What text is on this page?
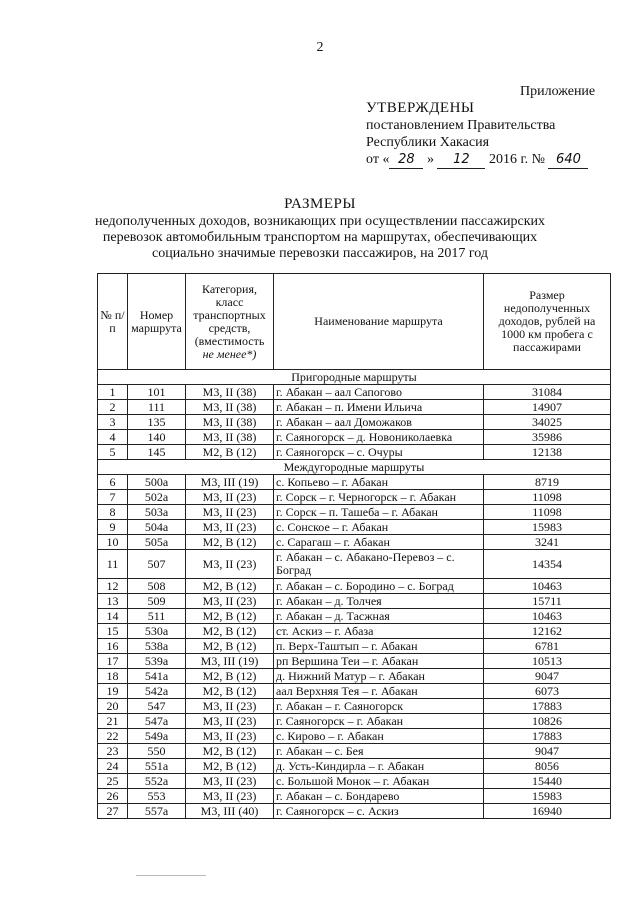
2
Приложение
УТВЕРЖДЕНЫ
постановлением Правительства
Республики Хакасия
от « 28 » 12 2016 г. № 640
РАЗМЕРЫ
недополученных доходов, возникающих при осуществлении пассажирских перевозок автомобильным транспортом на маршрутах, обеспечивающих социально значимые перевозки пассажиров, на 2017 год
№ п/п	Номер маршрута	Категория, класс транспортных средств, (вместимость не менее*)	Наименование маршрута	Размер недополученных доходов, рублей на 1000 км пробега с пассажирами
Пригородные маршруты				
1	101	М3, II (38)	г. Абакан – аал Сапогово	31084
2	111	М3, II (38)	г. Абакан – п. Имени Ильича	14907
3	135	М3, II (38)	г. Абакан – аал Доможаков	34025
4	140	М3, II (38)	г. Саяногорск – д. Новониколаевка	35986
5	145	М2, В (12)	г. Саяногорск – с. Очуры	12138
Междугородные маршруты				
6	500а	М3, III (19)	с. Копьево – г. Абакан	8719
7	502а	М3, II (23)	г. Сорск – г. Черногорск – г. Абакан	11098
8	503а	М3, II (23)	г. Сорск – п. Ташеба – г. Абакан	11098
9	504а	М3, II (23)	с. Сонское – г. Абакан	15983
10	505а	М2, В (12)	с. Сарагаш – г. Абакан	3241
11	507	М3, II (23)	г. Абакан – с. Абакано-Перевоз – с. Боград	14354
12	508	М2, В (12)	г. Абакан – с. Бородино – с. Боград	10463
13	509	М3, II (23)	г. Абакан – д. Толчея	15711
14	511	М2, В (12)	г. Абакан – д. Тасжная	10463
15	530а	М2, В (12)	ст. Аскиз – г. Абаза	12162
16	538а	М2, В (12)	п. Верх-Таштып – г. Абакан	6781
17	539а	М3, III (19)	рп Вершина Теи – г. Абакан	10513
18	541а	М2, В (12)	д. Нижний Матур – г. Абакан	9047
19	542а	М2, В (12)	аал Верхняя Тея – г. Абакан	6073
20	547	М3, II (23)	г. Абакан – г. Саяногорск	17883
21	547а	М3, II (23)	г. Саяногорск – г. Абакан	10826
22	549а	М3, II (23)	с. Кирово – г. Абакан	17883
23	550	М2, В (12)	г. Абакан – с. Бея	9047
24	551а	М2, В (12)	д. Усть-Киндирла – г. Абакан	8056
25	552а	М3, II (23)	с. Большой Монок – г. Абакан	15440
26	553	М3, II (23)	г. Абакан – с. Бондарево	15983
27	557а	М3, III (40)	г. Саяногорск – с. Аскиз	16940
